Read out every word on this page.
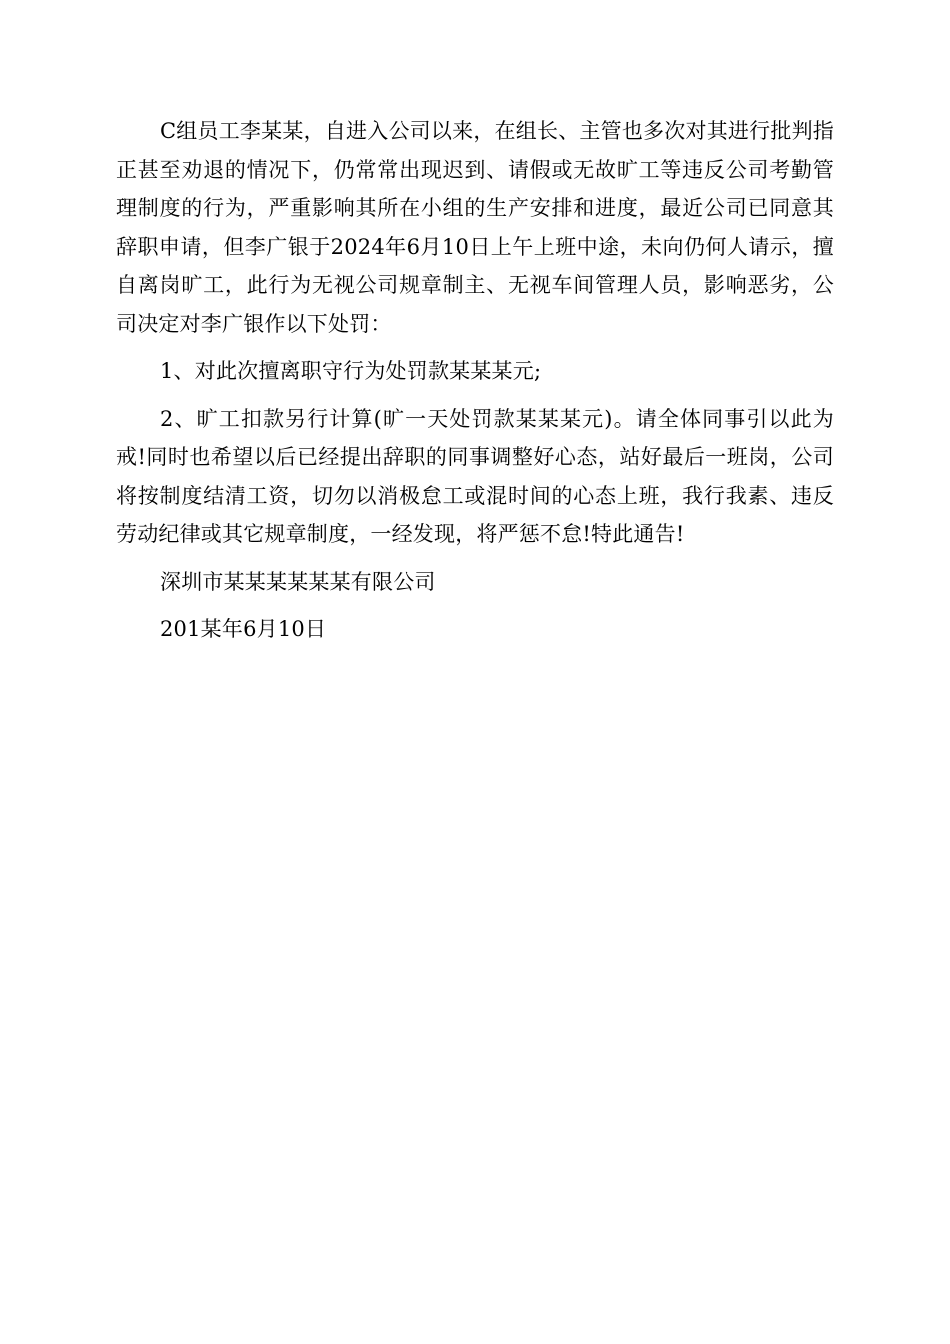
C组员工李某某，自进入公司以来，在组长、主管也多次对其进行批判指正甚至劝退的情况下，仍常常出现迟到、请假或无故旷工等违反公司考勤管理制度的行为，严重影响其所在小组的生产安排和进度，最近公司已同意其辞职申请，但李广银于2024年6月10日上午上班中途，未向仍何人请示，擅自离岗旷工，此行为无视公司规章制主、无视车间管理人员，影响恶劣，公司决定对李广银作以下处罚：

1、对此次擅离职守行为处罚款某某某元;

2、旷工扣款另行计算(旷一天处罚款某某某元)。请全体同事引以此为戒!同时也希望以后已经提出辞职的同事调整好心态，站好最后一班岗，公司将按制度结清工资，切勿以消极怠工或混时间的心态上班，我行我素、违反劳动纪律或其它规章制度，一经发现，将严惩不怠!特此通告!

深圳市某某某某某某有限公司

201某年6月10日
